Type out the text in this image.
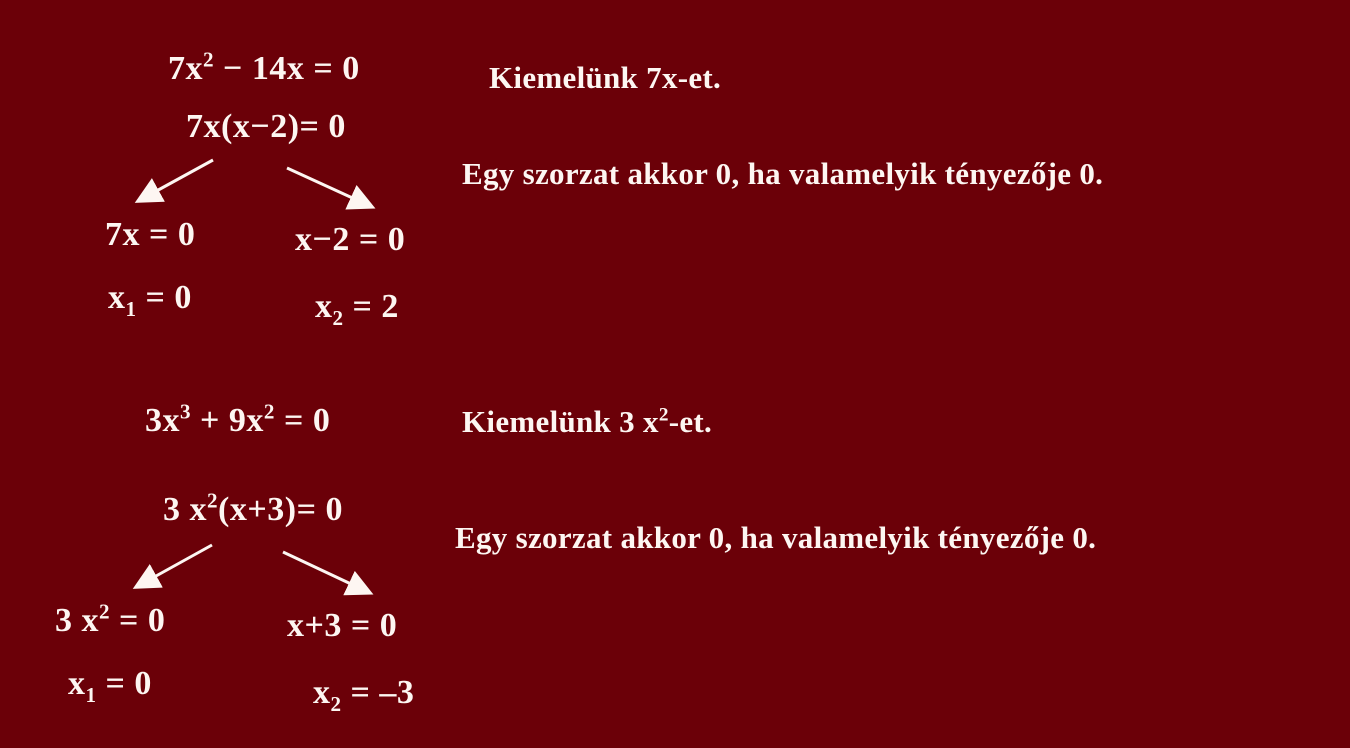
$7x^2 - 14x = 0$
7x(x−2)= 0
7x = 0	x−2 = 0
$x_1 = 0$	$x_2 = 2$
Kiemelünk 7x-et.
Egy szorzat akkor 0, ha valamelyik tényezője 0.
$3x^3 + 9x^2 = 0$
3 $x^2(x+3)= 0$
3 $x^2 = 0$	x+3 = 0
$x_1 = 0$	$x_2 = -3$
Kiemelünk 3 $x^2-et$.
Egy szorzat akkor 0, ha valamelyik tényezője 0.
